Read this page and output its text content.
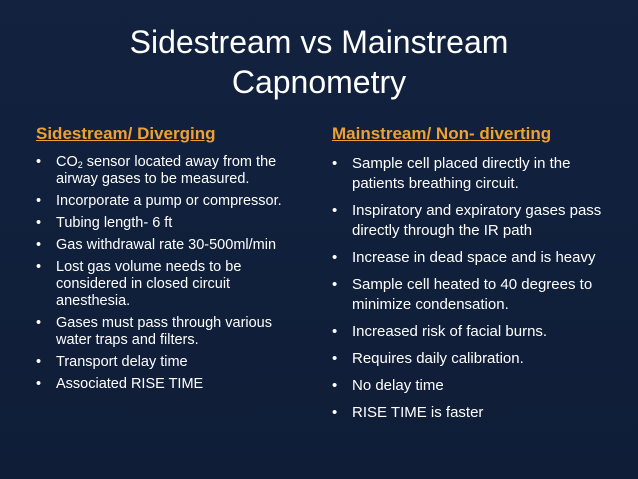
Sidestream vs Mainstream
Capnometry
Sidestream/ Diverging
•	$CO_2$ sensor located away from the airway gases to be measured.
•	Incorporate a pump or compressor.
•	Tubing length- 6 ft
•	Gas withdrawal rate 30-500ml/min
•	Lost gas volume needs to be considered in closed circuit anesthesia.
•	Gases must pass through various water traps and filters.
•	Transport delay time
•	Associated RISE TIME
Mainstream/ Non- diverting
• Sample cell placed directly in the patients breathing circuit.
• Inspiratory and expiratory gases pass directly through the IR path
• Increase in dead space and is heavy
• Sample cell heated to 40 degrees to minimize condensation.
• Increased risk of facial burns.
• Requires daily calibration.
• No delay time
• RISE TIME is faster
